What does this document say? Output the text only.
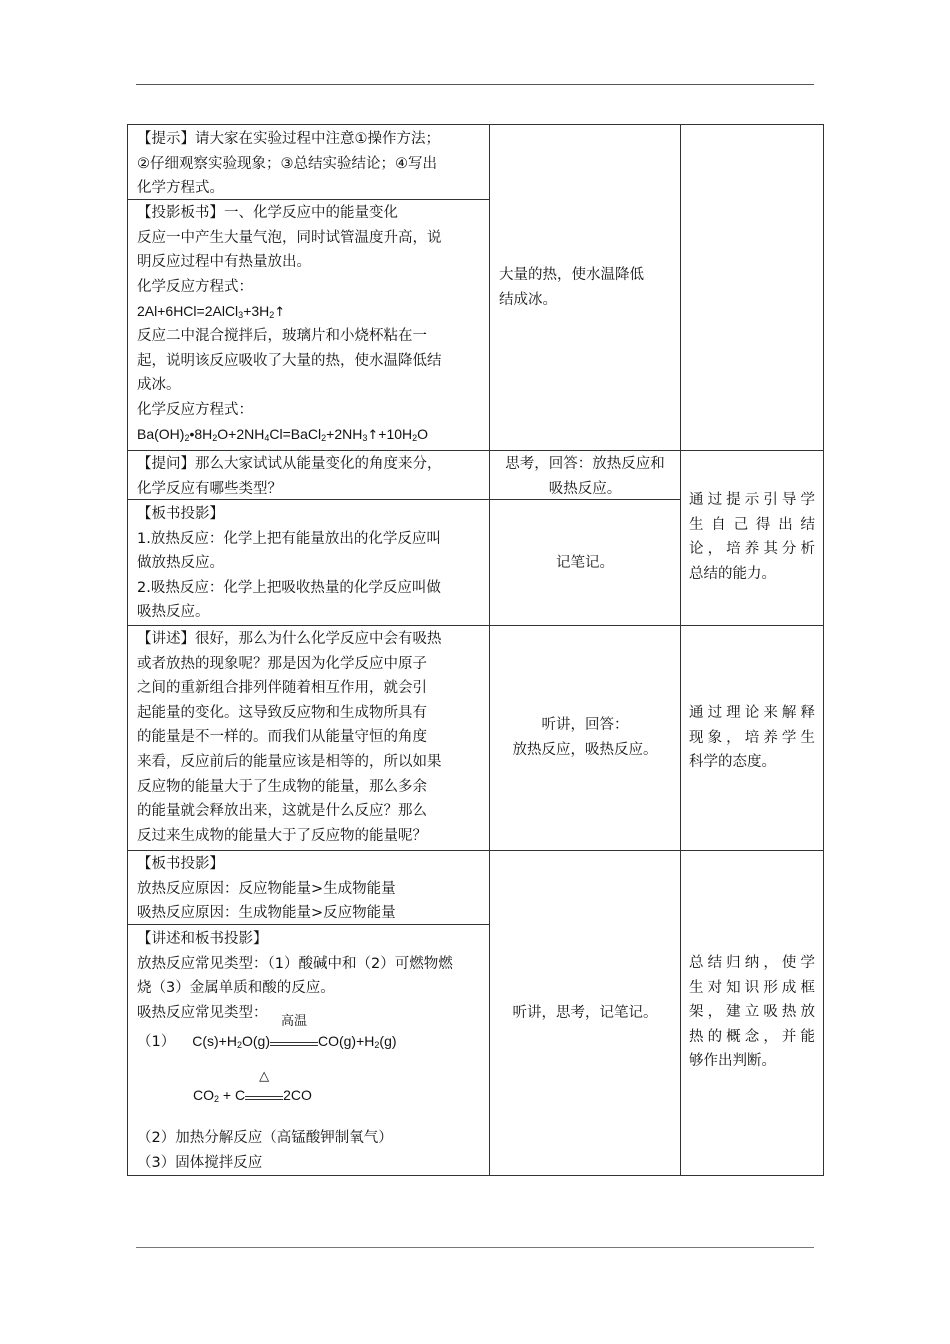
【提示】请大家在实验过程中注意①操作方法；
②仔细观察实验现象；③总结实验结论；④写出
化学方程式。
【投影板书】一、化学反应中的能量变化
反应一中产生大量气泡，同时试管温度升高，说
明反应过程中有热量放出。
化学反应方程式：
$2Al+6HCl=2AlCl_3+3H_2↑$
反应二中混合搅拌后，玻璃片和小烧杯粘在一
起，说明该反应吸收了大量的热，使水温降低结
成冰。
化学反应方程式：
$Ba(OH)_2•8H_2O+2NH_4Cl=BaCl_2+2NH_3↑+10H_2O$
大量的热，使水温降低
结成冰。
【提问】那么大家试试从能量变化的角度来分，
化学反应有哪些类型？
思考，回答：放热反应和
吸热反应。
【板书投影】
1.放热反应：化学上把有能量放出的化学反应叫
做放热反应。
2.吸热反应：化学上把吸收热量的化学反应叫做
吸热反应。
记笔记。
通过提示引导学
生自己得出结
论，培养其分析
总结的能力。
【讲述】很好，那么为什么化学反应中会有吸热
或者放热的现象呢？那是因为化学反应中原子
之间的重新组合排列伴随着相互作用，就会引
起能量的变化。这导致反应物和生成物所具有
的能量是不一样的。而我们从能量守恒的角度
来看，反应前后的能量应该是相等的，所以如果
反应物的能量大于了生成物的能量，那么多余
的能量就会释放出来，这就是什么反应？那么
反过来生成物的能量大于了反应物的能量呢？
听讲，回答：
放热反应，吸热反应。
通过理论来解释
现象，培养学生
科学的态度。
【板书投影】
放热反应原因：反应物能量>生成物能量
吸热反应原因：生成物能量>反应物能量
【讲述和板书投影】
放热反应常见类型：（1）酸碱中和（2）可燃物燃
烧（3）金属单质和酸的反应。
吸热反应常见类型：
（1） $C(s)+H_2O(g)$
高温
$CO(g)+H_2(g)$
$CO_2 + C$
△
2CO
（2）加热分解反应（高锰酸钾制氧气）
（3）固体搅拌反应
听讲，思考，记笔记。
总结归纳，使学
生对知识形成框
架，建立吸热放
热的概念，并能
够作出判断。
